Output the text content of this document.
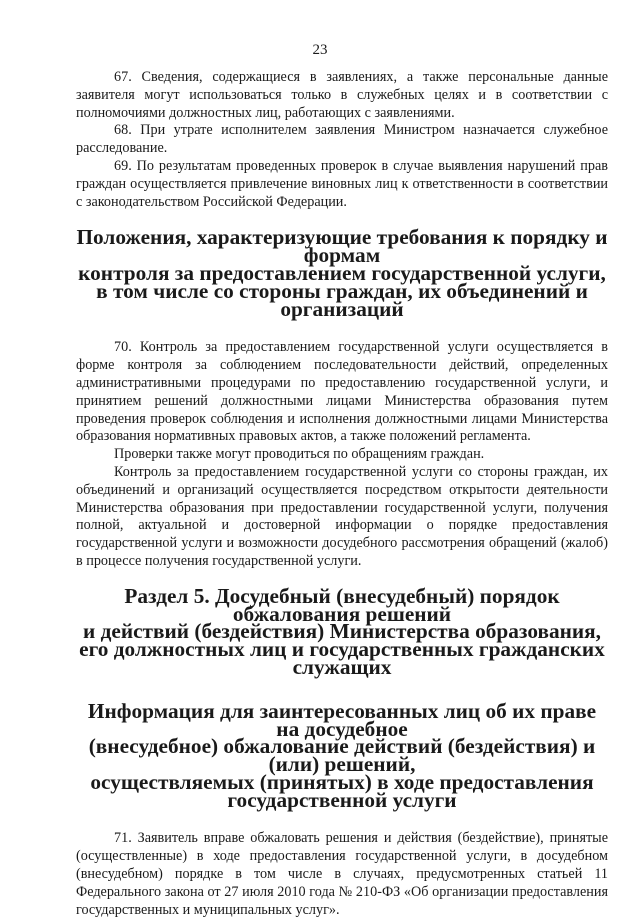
23

67. Сведения, содержащиеся в заявлениях, а также персональные данные заявителя могут использоваться только в служебных целях и в соответствии с полномочиями должностных лиц, работающих с заявлениями.

68. При утрате исполнителем заявления Министром назначается служебное расследование.

69. По результатам проведенных проверок в случае выявления нарушений прав граждан осуществляется привлечение виновных лиц к ответственности в соответствии с законодательством Российской Федерации.

Положения, характеризующие требования к порядку и формам
контроля за предоставлением государственной услуги,
в том числе со стороны граждан, их объединений и организаций

70. Контроль за предоставлением государственной услуги осуществляется в форме контроля за соблюдением последовательности действий, определенных административными процедурами по предоставлению государственной услуги, и принятием решений должностными лицами Министерства образования путем проведения проверок соблюдения и исполнения должностными лицами Министерства образования нормативных правовых актов, а также положений регламента.

Проверки также могут проводиться по обращениям граждан.

Контроль за предоставлением государственной услуги со стороны граждан, их объединений и организаций осуществляется посредством открытости деятельности Министерства образования при предоставлении государственной услуги, получения полной, актуальной и достоверной информации о порядке предоставления государственной услуги и возможности досудебного рассмотрения обращений (жалоб) в процессе получения государственной услуги.

Раздел 5. Досудебный (внесудебный) порядок обжалования решений
и действий (бездействия) Министерства образования,
его должностных лиц и государственных гражданских служащих
Информация для заинтересованных лиц об их праве на досудебное
(внесудебное) обжалование действий (бездействия) и (или) решений,
осуществляемых (принятых) в ходе предоставления государственной услуги

71. Заявитель вправе обжаловать решения и действия (бездействие), принятые (осуществленные) в ходе предоставления государственной услуги, в досудебном (внесудебном) порядке в том числе в случаях, предусмотренных статьей 11 Федерального закона от 27 июля 2010 года № 210-ФЗ «Об организации предоставления государственных и муниципальных услуг».
